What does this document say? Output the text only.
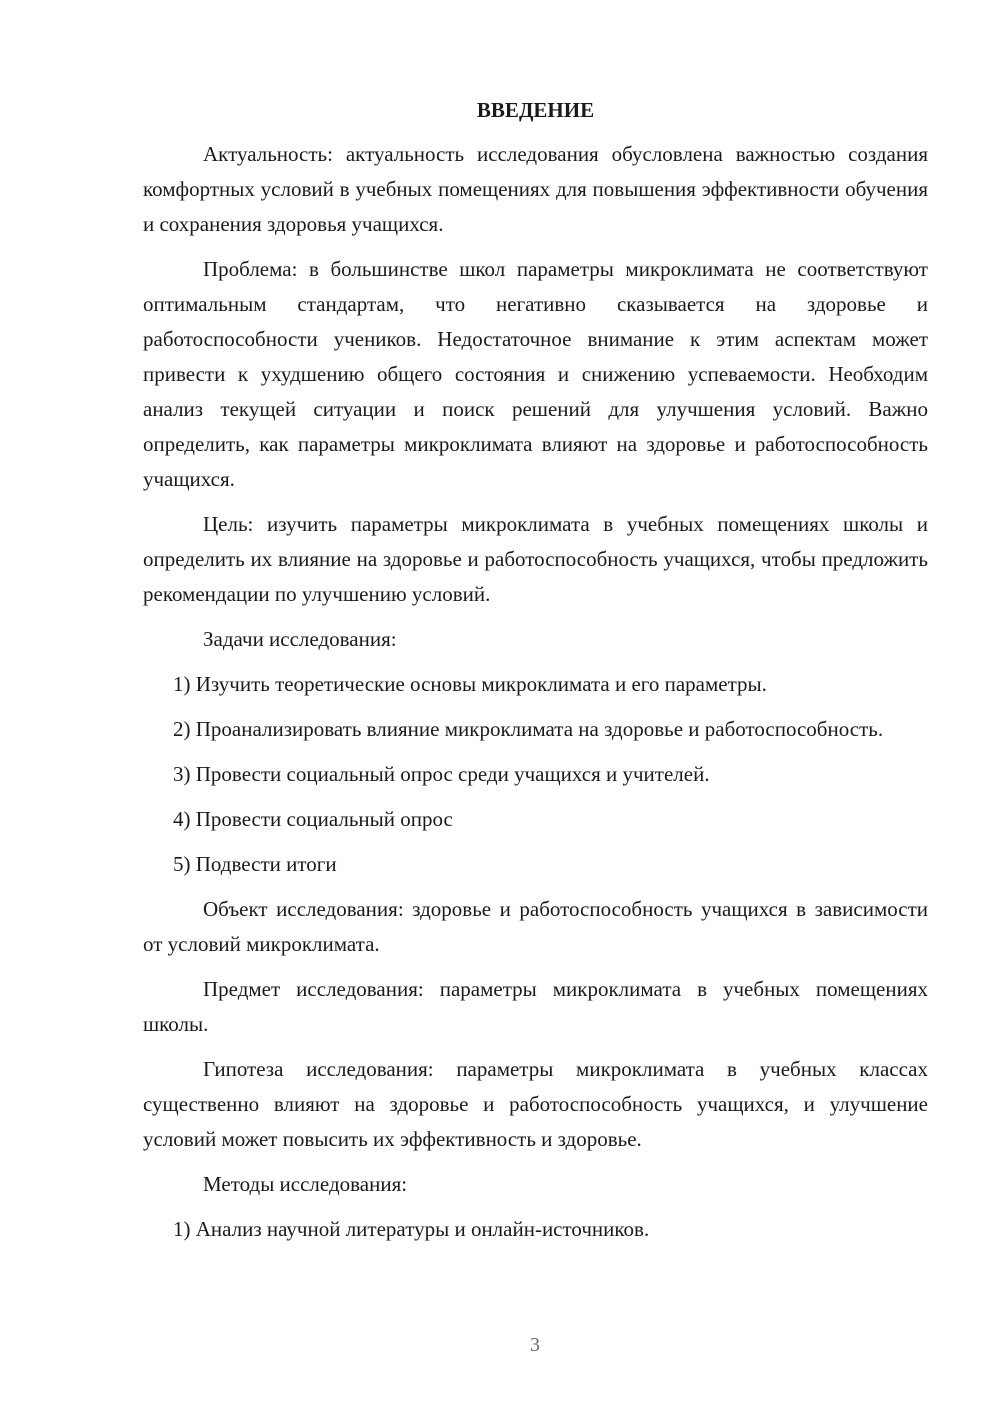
ВВЕДЕНИЕ

Актуальность: актуальность исследования обусловлена важностью создания комфортных условий в учебных помещениях для повышения эффективности обучения и сохранения здоровья учащихся.

Проблема: в большинстве школ параметры микроклимата не соответствуют оптимальным стандартам, что негативно сказывается на здоровье и работоспособности учеников. Недостаточное внимание к этим аспектам может привести к ухудшению общего состояния и снижению успеваемости. Необходим анализ текущей ситуации и поиск решений для улучшения условий. Важно определить, как параметры микроклимата влияют на здоровье и работоспособность учащихся.

Цель: изучить параметры микроклимата в учебных помещениях школы и определить их влияние на здоровье и работоспособность учащихся, чтобы предложить рекомендации по улучшению условий.

Задачи исследования:

1) Изучить теоретические основы микроклимата и его параметры.

2) Проанализировать влияние микроклимата на здоровье и работоспособность.

3) Провести социальный опрос среди учащихся и учителей.

4) Провести социальный опрос

5) Подвести итоги

Объект исследования: здоровье и работоспособность учащихся в зависимости от условий микроклимата.

Предмет исследования: параметры микроклимата в учебных помещениях школы.

Гипотеза исследования: параметры микроклимата в учебных классах существенно влияют на здоровье и работоспособность учащихся, и улучшение условий может повысить их эффективность и здоровье.

Методы исследования:

1) Анализ научной литературы и онлайн-источников.

3
